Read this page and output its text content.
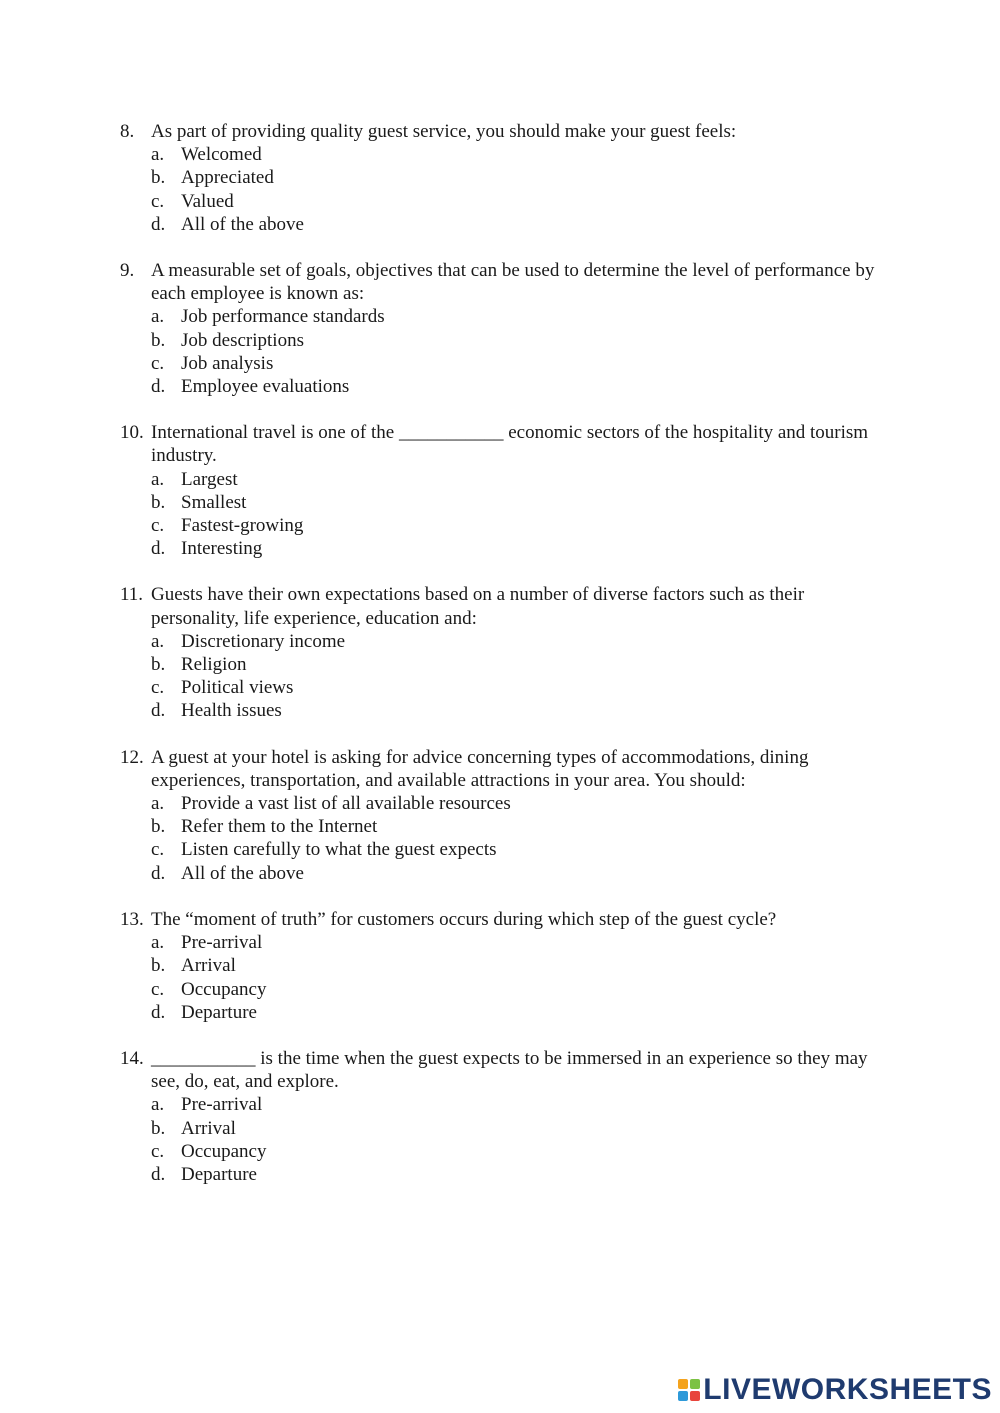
8. As part of providing quality guest service, you should make your guest feels:
a. Welcomed
b. Appreciated
c. Valued
d. All of the above
9. A measurable set of goals, objectives that can be used to determine the level of performance by each employee is known as:
a. Job performance standards
b. Job descriptions
c. Job analysis
d. Employee evaluations
10. International travel is one of the ___________ economic sectors of the hospitality and tourism industry.
a. Largest
b. Smallest
c. Fastest-growing
d. Interesting
11. Guests have their own expectations based on a number of diverse factors such as their personality, life experience, education and:
a. Discretionary income
b. Religion
c. Political views
d. Health issues
12. A guest at your hotel is asking for advice concerning types of accommodations, dining experiences, transportation, and available attractions in your area. You should:
a. Provide a vast list of all available resources
b. Refer them to the Internet
c. Listen carefully to what the guest expects
d. All of the above
13. The “moment of truth” for customers occurs during which step of the guest cycle?
a. Pre-arrival
b. Arrival
c. Occupancy
d. Departure
14. ___________ is the time when the guest expects to be immersed in an experience so they may see, do, eat, and explore.
a. Pre-arrival
b. Arrival
c. Occupancy
d. Departure
LIVEWORKSHEETS
